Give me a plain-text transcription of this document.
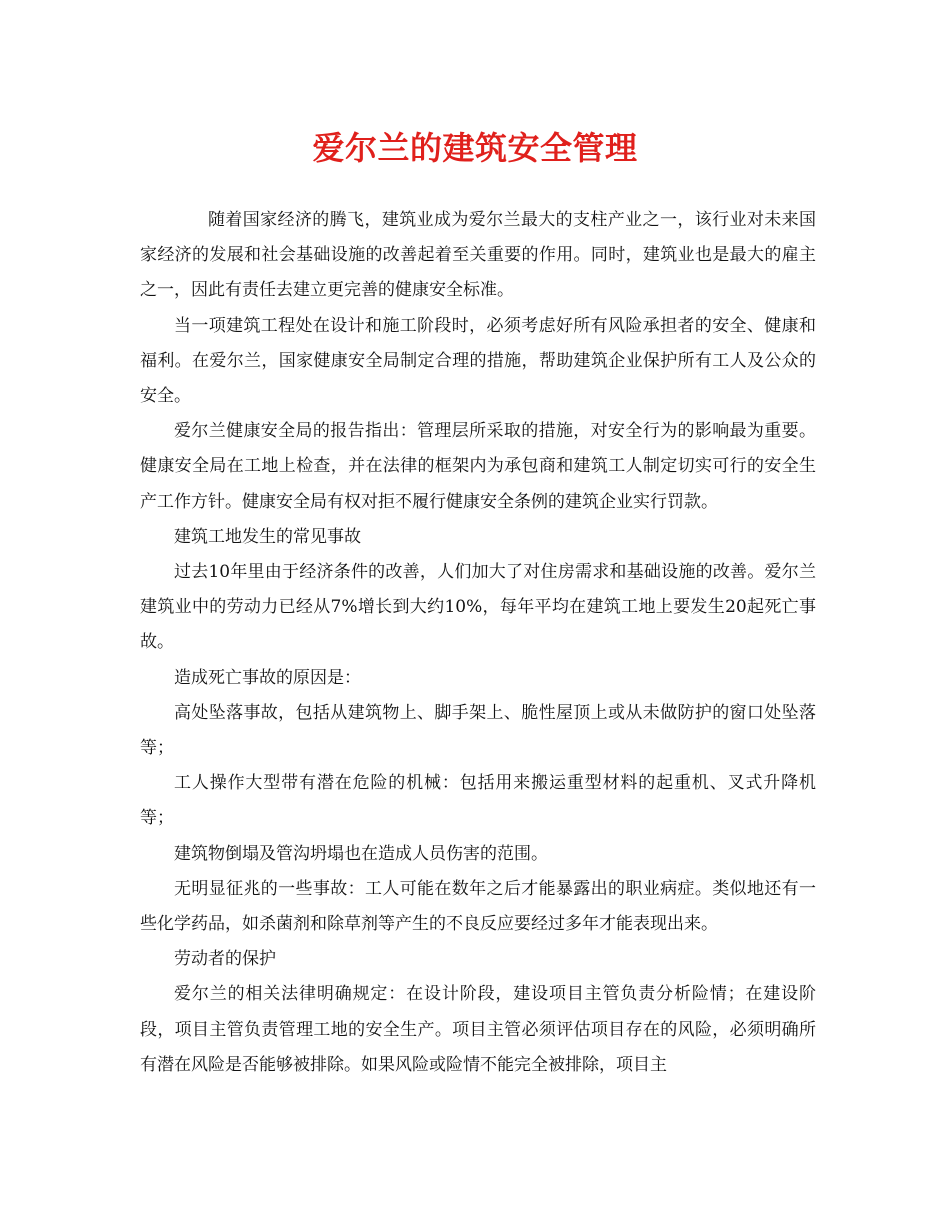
爱尔兰的建筑安全管理

随着国家经济的腾飞，建筑业成为爱尔兰最大的支柱产业之一，该行业对未来国家经济的发展和社会基础设施的改善起着至关重要的作用。同时，建筑业也是最大的雇主之一，因此有责任去建立更完善的健康安全标准。

当一项建筑工程处在设计和施工阶段时，必须考虑好所有风险承担者的安全、健康和福利。在爱尔兰，国家健康安全局制定合理的措施，帮助建筑企业保护所有工人及公众的安全。

爱尔兰健康安全局的报告指出：管理层所采取的措施，对安全行为的影响最为重要。健康安全局在工地上检查，并在法律的框架内为承包商和建筑工人制定切实可行的安全生产工作方针。健康安全局有权对拒不履行健康安全条例的建筑企业实行罚款。

建筑工地发生的常见事故

过去10年里由于经济条件的改善，人们加大了对住房需求和基础设施的改善。爱尔兰建筑业中的劳动力已经从7%增长到大约10%，每年平均在建筑工地上要发生20起死亡事故。

造成死亡事故的原因是：

高处坠落事故，包括从建筑物上、脚手架上、脆性屋顶上或从未做防护的窗口处坠落等；

工人操作大型带有潜在危险的机械：包括用来搬运重型材料的起重机、叉式升降机等；

建筑物倒塌及管沟坍塌也在造成人员伤害的范围。

无明显征兆的一些事故：工人可能在数年之后才能暴露出的职业病症。类似地还有一些化学药品，如杀菌剂和除草剂等产生的不良反应要经过多年才能表现出来。

劳动者的保护

爱尔兰的相关法律明确规定：在设计阶段，建设项目主管负责分析险情；在建设阶段，项目主管负责管理工地的安全生产。项目主管必须评估项目存在的风险，必须明确所有潜在风险是否能够被排除。如果风险或险情不能完全被排除，项目主
